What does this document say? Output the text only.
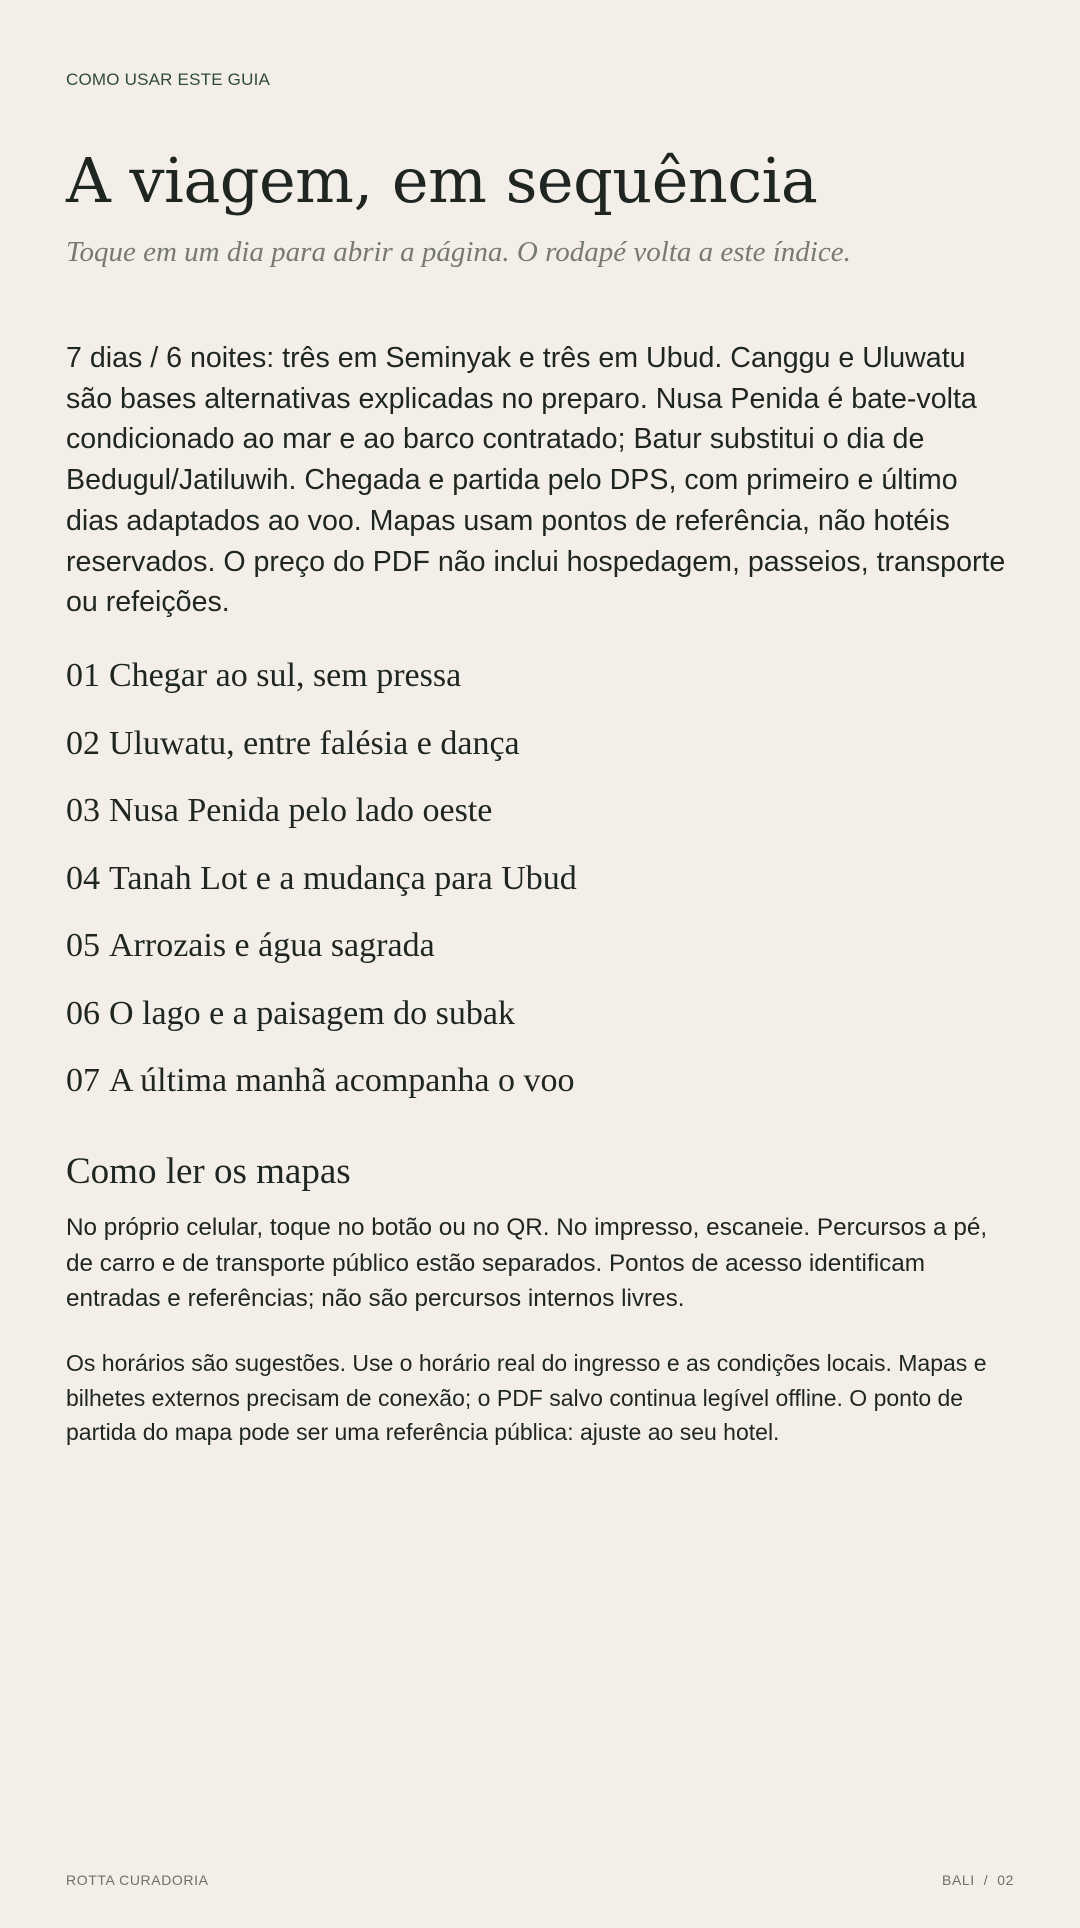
COMO USAR ESTE GUIA
A viagem, em sequência
Toque em um dia para abrir a página. O rodapé volta a este índice.

7 dias / 6 noites: três em Seminyak e três em Ubud. Canggu e Uluwatu são bases alternativas explicadas no preparo. Nusa Penida é bate-volta condicionado ao mar e ao barco contratado; Batur substitui o dia de Bedugul/Jatiluwih. Chegada e partida pelo DPS, com primeiro e último dias adaptados ao voo. Mapas usam pontos de referência, não hotéis reservados. O preço do PDF não inclui hospedagem, passeios, transporte ou refeições.

01 Chegar ao sul, sem pressa
02 Uluwatu, entre falésia e dança
03 Nusa Penida pelo lado oeste
04 Tanah Lot e a mudança para Ubud
05 Arrozais e água sagrada
06 O lago e a paisagem do subak
07 A última manhã acompanha o voo
Como ler os mapas

No próprio celular, toque no botão ou no QR. No impresso, escaneie. Percursos a pé, de carro e de transporte público estão separados. Pontos de acesso identificam entradas e referências; não são percursos internos livres.

Os horários são sugestões. Use o horário real do ingresso e as condições locais. Mapas e bilhetes externos precisam de conexão; o PDF salvo continua legível offline. O ponto de partida do mapa pode ser uma referência pública: ajuste ao seu hotel.

ROTTA CURADORIA	BALI  /  02
